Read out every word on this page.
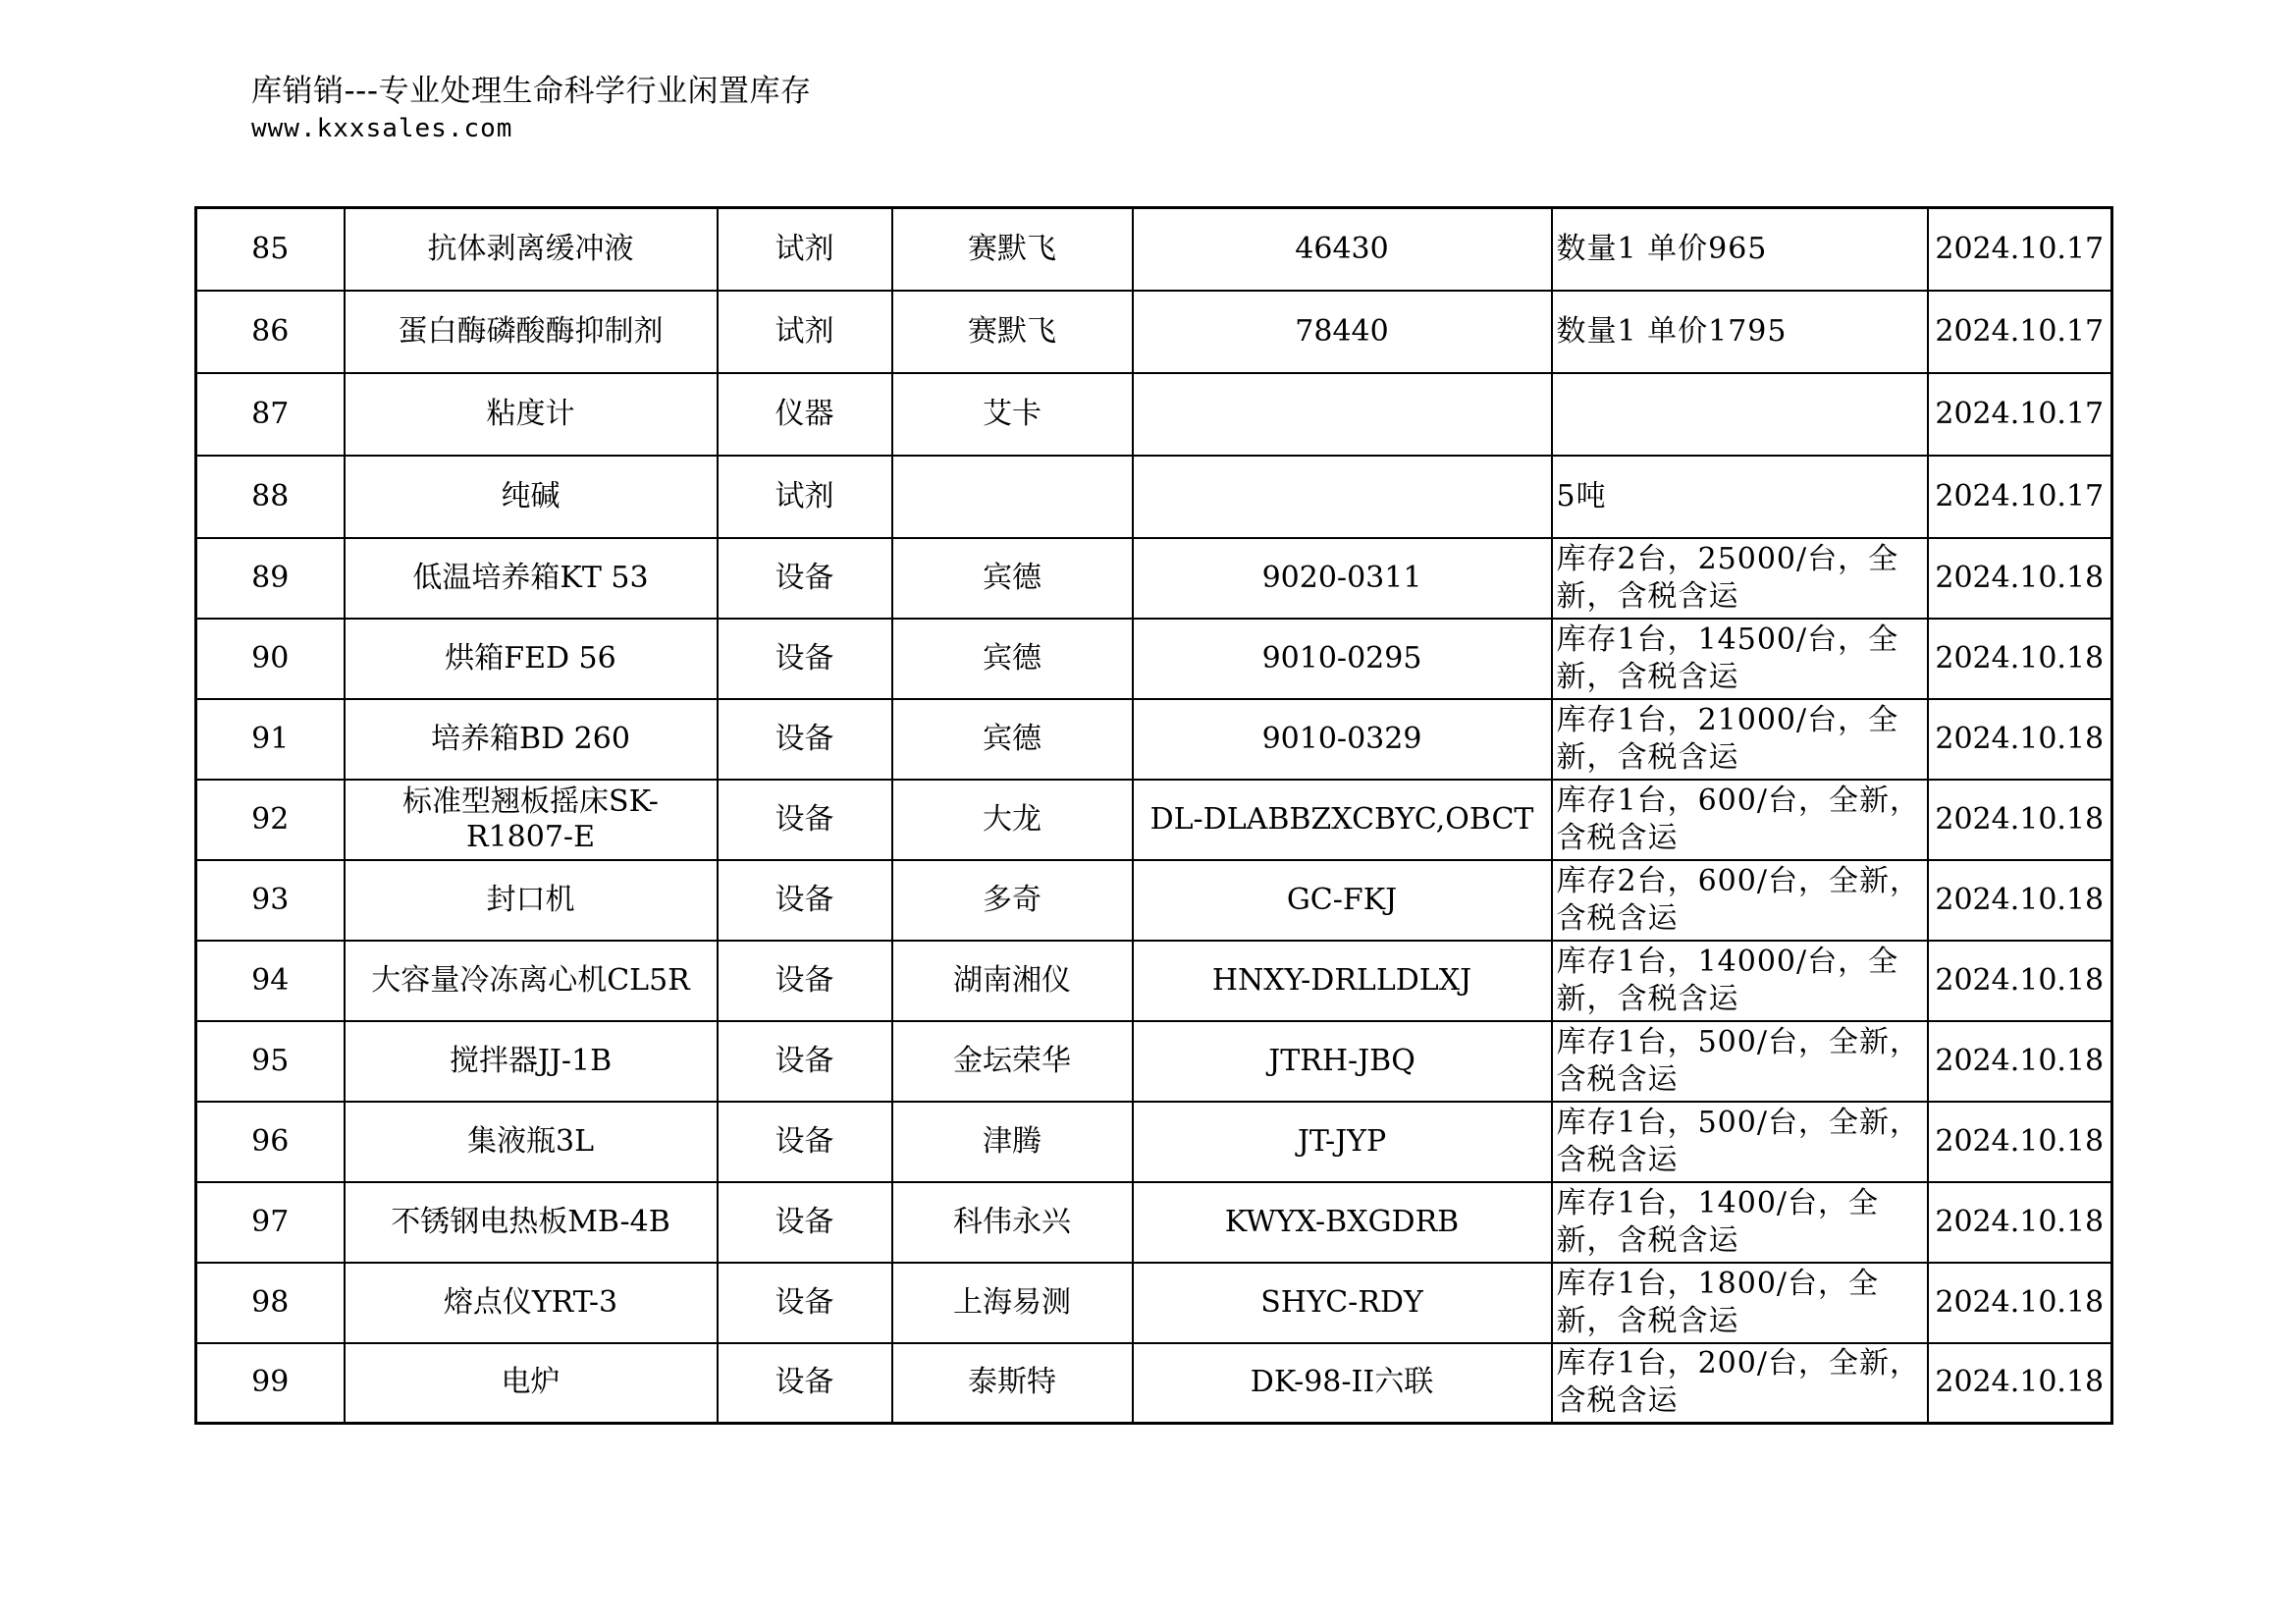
库销销---专业处理生命科学行业闲置库存
www.kxxsales.com
85	抗体剥离缓冲液	试剂	赛默飞	46430	数量1 单价965	2024.10.17
86	蛋白酶磷酸酶抑制剂	试剂	赛默飞	78440	数量1 单价1795	2024.10.17
87	粘度计	仪器	艾卡			2024.10.17
88	纯碱	试剂			5吨	2024.10.17
89	低温培养箱KT 53	设备	宾德	9020-0311	库存2台，25000/台，全新，含税含运	2024.10.18
90	烘箱FED 56	设备	宾德	9010-0295	库存1台，14500/台，全新，含税含运	2024.10.18
91	培养箱BD 260	设备	宾德	9010-0329	库存1台，21000/台，全新，含税含运	2024.10.18
92	标准型翘板摇床SK-R1807-E	设备	大龙	DL-DLABBZXCBYC,OBCT	库存1台，600/台，全新，含税含运	2024.10.18
93	封口机	设备	多奇	GC-FKJ	库存2台，600/台，全新，含税含运	2024.10.18
94	大容量冷冻离心机CL5R	设备	湖南湘仪	HNXY-DRLLDLXJ	库存1台，14000/台，全新，含税含运	2024.10.18
95	搅拌器JJ-1B	设备	金坛荣华	JTRH-JBQ	库存1台，500/台，全新，含税含运	2024.10.18
96	集液瓶3L	设备	津腾	JT-JYP	库存1台，500/台，全新，含税含运	2024.10.18
97	不锈钢电热板MB-4B	设备	科伟永兴	KWYX-BXGDRB	库存1台，1400/台，全新，含税含运	2024.10.18
98	熔点仪YRT-3	设备	上海易测	SHYC-RDY	库存1台，1800/台，全新，含税含运	2024.10.18
99	电炉	设备	泰斯特	DK-98-II六联	库存1台，200/台，全新，含税含运	2024.10.18
